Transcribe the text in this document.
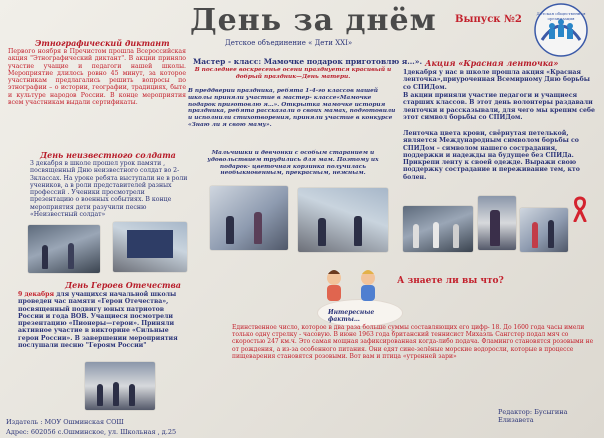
День за днём Выпуск №2
Детское объединение « Дети XXI»
Детская общественная организация
Этнографический диктант
Первого ноября в Пречистом прошла Всероссийская акция "Этнографический диктант". В акции приняло участие учащие и педагоги нашей школы. Мероприятие длилось ровно 45 минут, за которое участникам предлагались решить вопросы по этнографии – о истории, географии, традициях, быте и культуре народов России. В конце мероприятия всем участникам выдали сертификаты.
День неизвестного солдата
3 декабря в школе прошел урок памяти , посвященный Дню неизвестного солдат во 2-3классах. На уроке ребята выступали не в роли учеников, а в роли представителей разных профессий . Ученики просмотрели презентацию о военных событиях. В конце мероприятия дети разучили песню «Неизвестный солдат»
День Героев Отечества
9 декабря для учащихся начальной школы проведен час памяти «Герои Отечества», посвященный подвигу юных патриотов России и года ВОВ. Учащиеся посмотрели презентацию «Пионеры—герои». Приняли активное участие в викторине «Сильные герои России». В завершении мероприятия послушали песню "Героям России"
Мастер - класс: Мамочке подарок приготовлю я…».
В последнее воскресенье осени празднуется красивый и добрый праздник—День матери.
В преддверии праздника, ребята 1-4-го классов нашей школы приняли участие в мастер- классе«Мамочке подарок приготовлю я…». Открытка мамочке история праздника, ребята рассказали о своих мамах, подготовили и исполнили стихотворения, приняли участие в конкурсе «Знаю ли я свою маму».
Мальчишки и девчонки с особым старанием и удовольствием трудились для мам. Поэтому их подарок- цветочная корзинка получилась необыкновенным, прекрасным, нежным.
Акция «Красная ленточка»
1декабря у нас в школе прошла акция «Красная ленточка»,приуроченная Всемирному Дню борьбы со СПИДом.
В акции приняли участие педагоги и учащиеся старших классов. В этот день волонтеры раздавали ленточки и рассказывали, для чего мы крепим себе этот символ борьбы со СПИДом.
Ленточка цвета крови, свёрнутая петелькой, является Международным символом борьбы со СПИДом – символом нашего сострадания, поддержки и надежды на будущее без СПИДа. Прикрепи ленту к своей одежде. Выражи свою поддержку сострадание и переживание тем, кто болен.
А знаете ли вы что?
Интересные факты…
Единственное число, которое в два раза больше суммы составляющих его цифр- 18. До 1600 года часы имели только одну стрелку - часовую. В июне 1963 года британский теннисист Михаэль Сангстер подал мяч со скоростью 247 км.ч. Это самая мощная зафиксированная когда-либо подача. Фламинго становятся розовыми не от рождения, а из-за особенного питания. Они едят сине-зелёные морские водоросли, которые в процессе пищеварения становятся розовыми. Вот вам и птица «утренней зари»
Издатель : МОУ Ошминская СОШ
Адрес: 602056 с.Ошминское, ул. Школьная , д.25
Редактор: Бусыгина Елизавета
